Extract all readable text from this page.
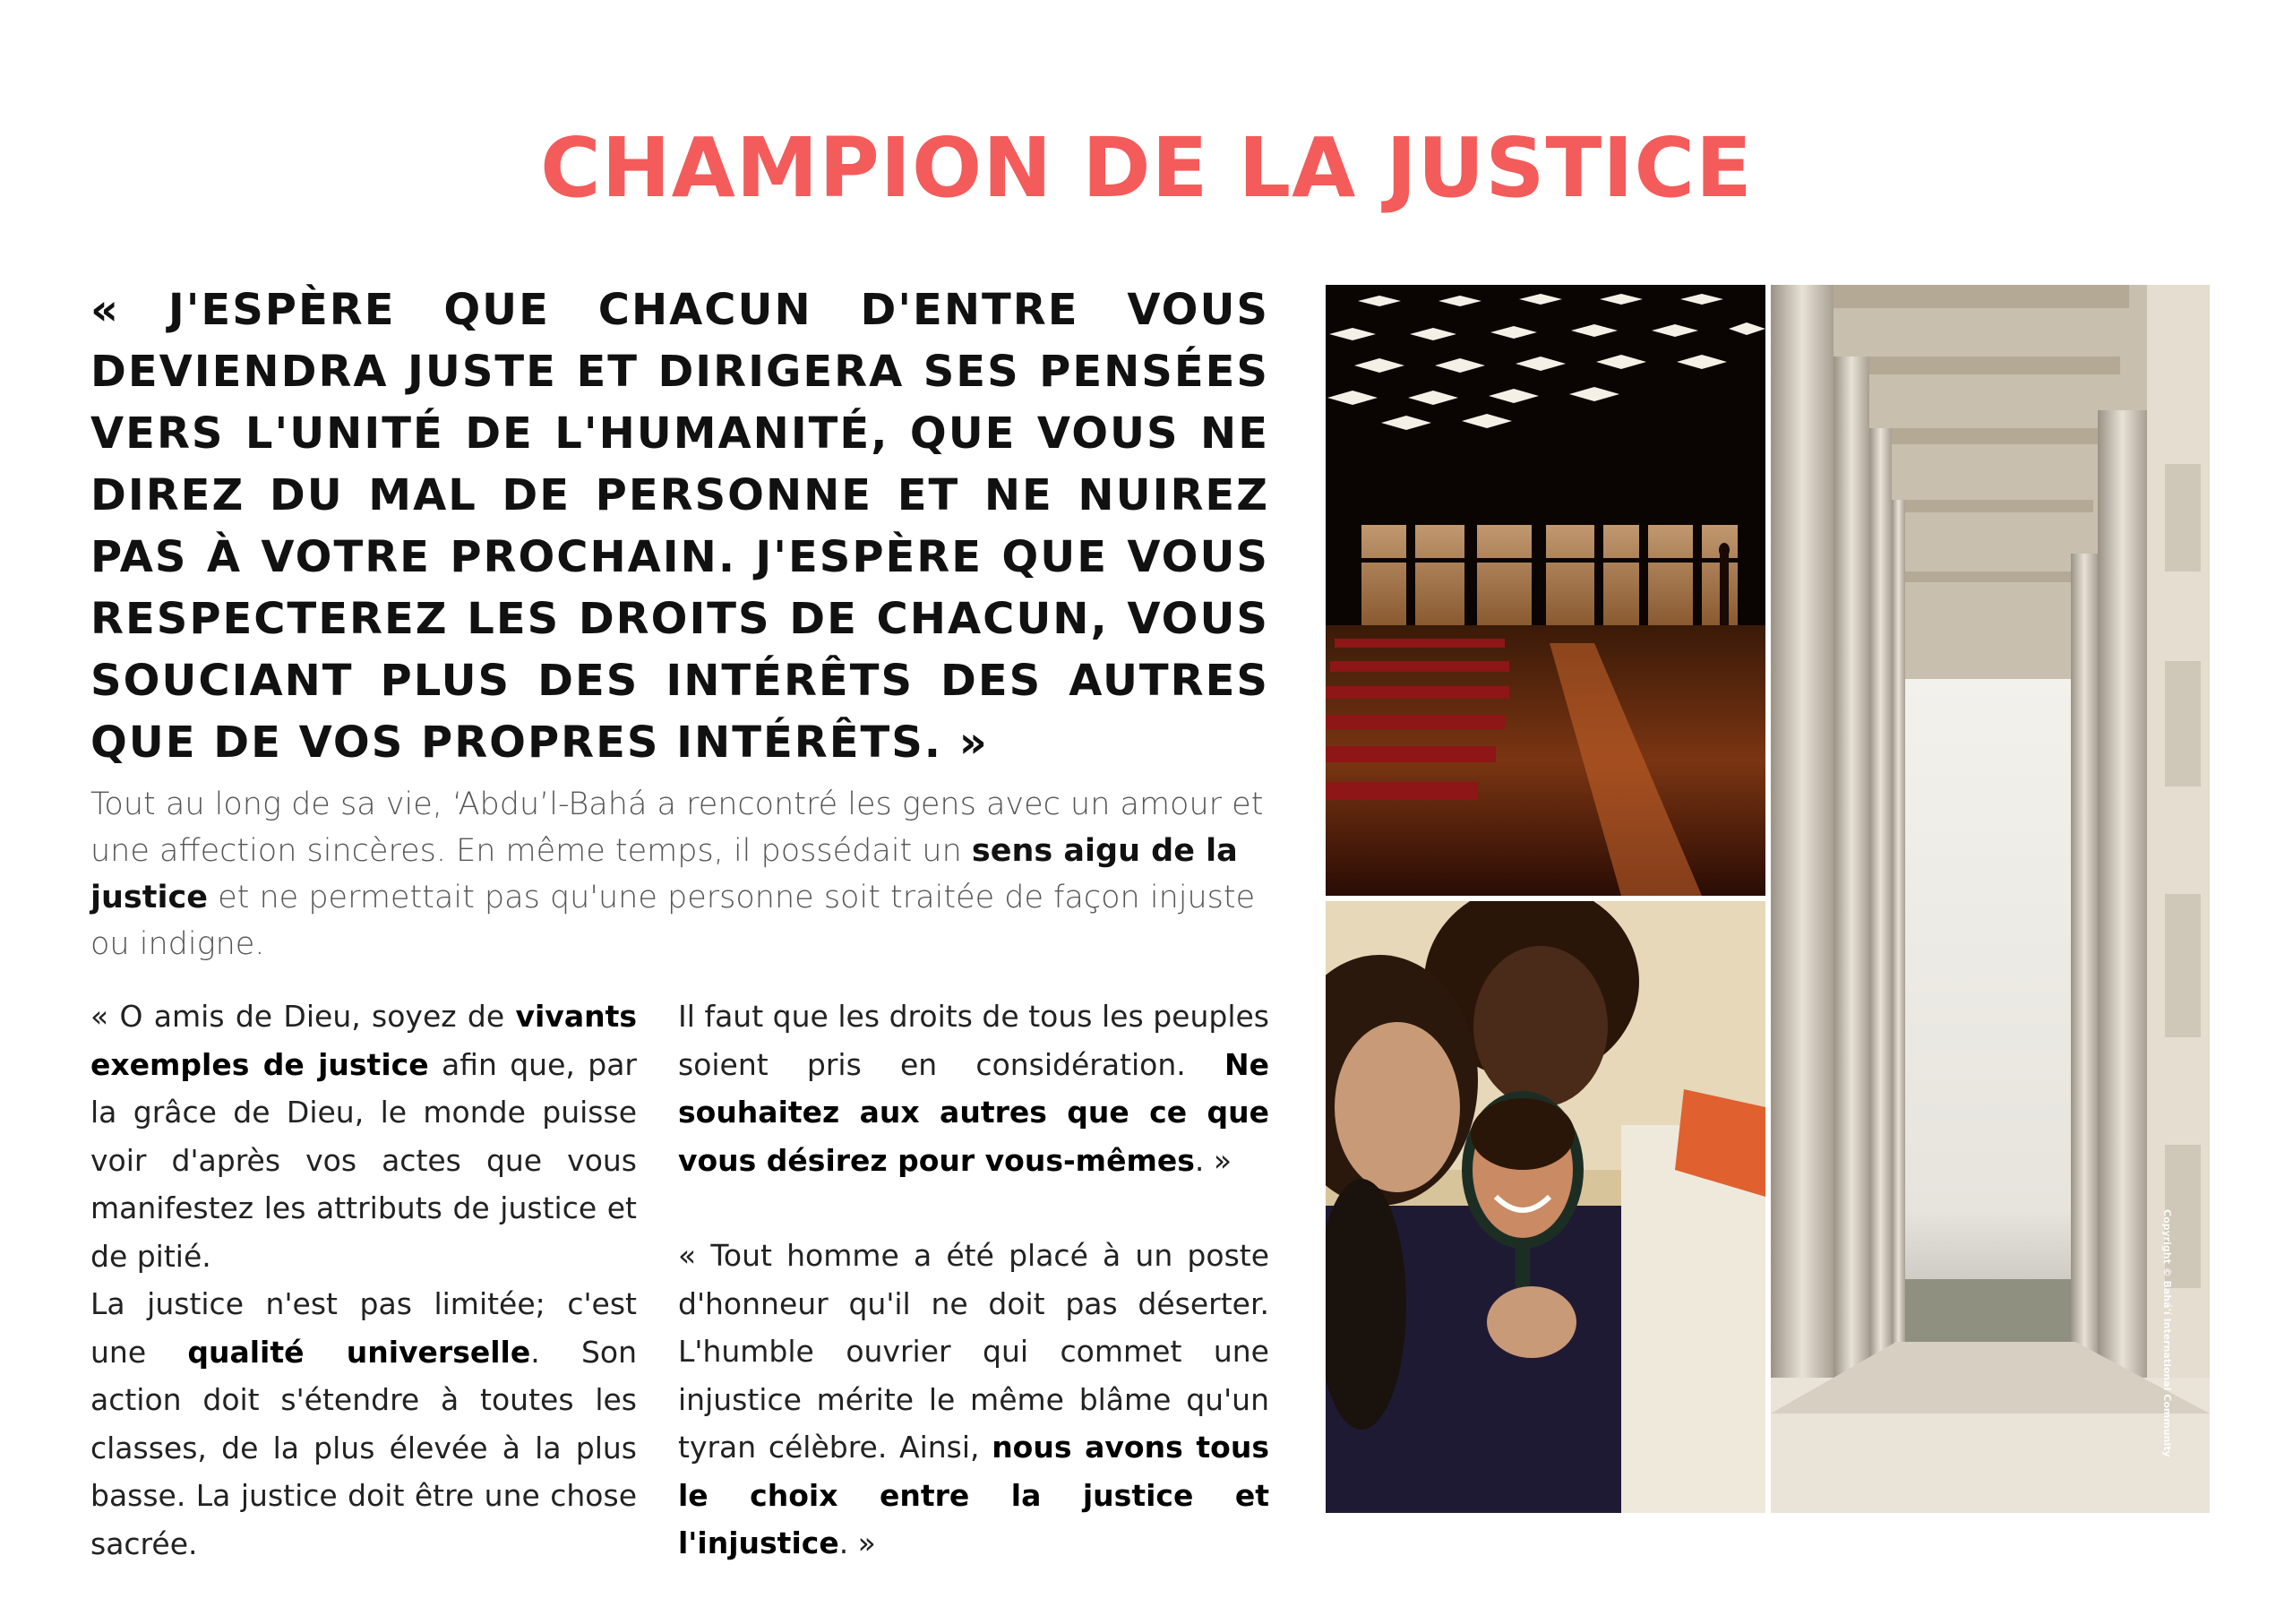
CHAMPION DE LA JUSTICE
« J'ESPÈRE QUE CHACUN D'ENTRE VOUS DEVIENDRA JUSTE ET DIRIGERA SES PENSÉES VERS L'UNITÉ DE L'HUMANITÉ, QUE VOUS NE DIREZ DU MAL DE PERSONNE ET NE NUIREZ PAS À VOTRE PROCHAIN. J'ESPÈRE QUE VOUS RESPECTEREZ LES DROITS DE CHACUN, VOUS SOUCIANT PLUS DES INTÉRÊTS DES AUTRES QUE DE VOS PROPRES INTÉRÊTS. »
Tout au long de sa vie, ‘Abdu’l-Bahá a rencontré les gens avec un amour et une affection sincères. En même temps, il possédait un sens aigu de la justice et ne permettait pas qu'une personne soit traitée de façon injuste ou indigne.

« O amis de Dieu, soyez de vivants exemples de justice afin que, par la grâce de Dieu, le monde puisse voir d'après vos actes que vous manifestez les attributs de justice et de pitié.

La justice n'est pas limitée; c'est une qualité universelle. Son action doit s'étendre à toutes les classes, de la plus élevée à la plus basse. La justice doit être une chose sacrée.

Il faut que les droits de tous les peuples soient pris en considération. Ne souhaitez aux autres que ce que vous désirez pour vous-mêmes. »

« Tout homme a été placé à un poste d'honneur qu'il ne doit pas déserter. L'humble ouvrier qui commet une injustice mérite le même blâme qu'un tyran célèbre. Ainsi, nous avons tous le choix entre la justice et l'injustice. »

Copyright © Bahá'í International Community
